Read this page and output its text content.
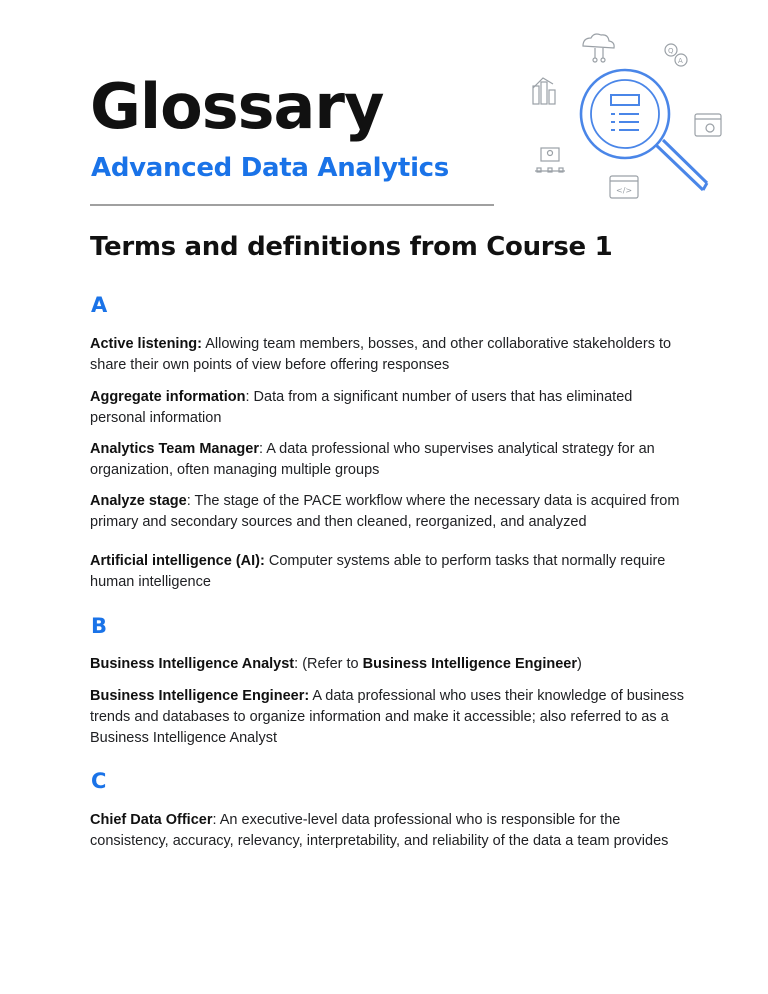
Glossary
Advanced Data Analytics
Q
A
</>
Terms and definitions from Course 1
A

Active listening: Allowing team members, bosses, and other collaborative stakeholders to share their own points of view before offering responses

Aggregate information: Data from a significant number of users that has eliminated personal information

Analytics Team Manager: A data professional who supervises analytical strategy for an organization, often managing multiple groups

Analyze stage: The stage of the PACE workflow where the necessary data is acquired from primary and secondary sources and then cleaned, reorganized, and analyzed

Artificial intelligence (AI): Computer systems able to perform tasks that normally require human intelligence

B

Business Intelligence Analyst: (Refer to Business Intelligence Engineer)

Business Intelligence Engineer: A data professional who uses their knowledge of business trends and databases to organize information and make it accessible; also referred to as a Business Intelligence Analyst

C

Chief Data Officer: An executive-level data professional who is responsible for the consistency, accuracy, relevancy, interpretability, and reliability of the data a team provides
